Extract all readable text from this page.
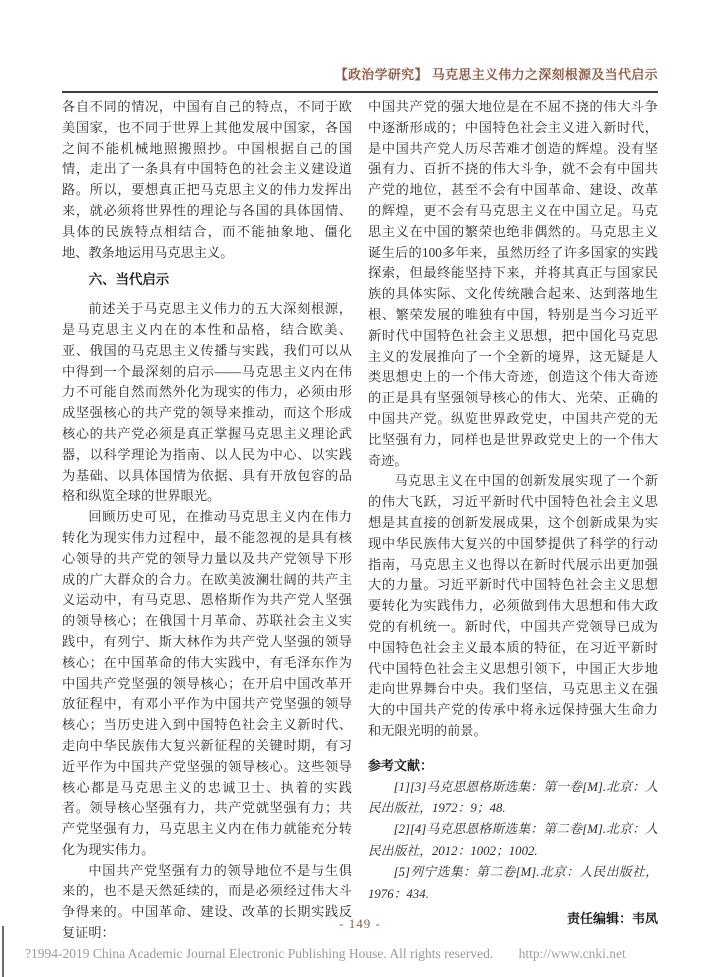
【政治学研究】 马克思主义伟力之深刻根源及当代启示

各自不同的情况，中国有自己的特点，不同于欧美国家，也不同于世界上其他发展中国家，各国之间不能机械地照搬照抄。中国根据自己的国情，走出了一条具有中国特色的社会主义建设道路。所以，要想真正把马克思主义的伟力发挥出来，就必须将世界性的理论与各国的具体国情、具体的民族特点相结合，而不能抽象地、僵化地、教条地运用马克思主义。

六、当代启示

前述关于马克思主义伟力的五大深刻根源，是马克思主义内在的本性和品格，结合欧美、亚、俄国的马克思主义传播与实践，我们可以从中得到一个最深刻的启示——马克思主义内在伟力不可能自然而然外化为现实的伟力，必须由形成坚强核心的共产党的领导来推动，而这个形成核心的共产党必须是真正掌握马克思主义理论武器，以科学理论为指南、以人民为中心、以实践为基础、以具体国情为依据、具有开放包容的品格和纵览全球的世界眼光。

回顾历史可见，在推动马克思主义内在伟力转化为现实伟力过程中，最不能忽视的是具有核心领导的共产党的领导力量以及共产党领导下形成的广大群众的合力。在欧美波澜壮阔的共产主义运动中，有马克思、恩格斯作为共产党人坚强的领导核心；在俄国十月革命、苏联社会主义实践中，有列宁、斯大林作为共产党人坚强的领导核心；在中国革命的伟大实践中，有毛泽东作为中国共产党坚强的领导核心；在开启中国改革开放征程中，有邓小平作为中国共产党坚强的领导核心；当历史进入到中国特色社会主义新时代、走向中华民族伟大复兴新征程的关键时期，有习近平作为中国共产党坚强的领导核心。这些领导核心都是马克思主义的忠诚卫士、执着的实践者。领导核心坚强有力，共产党就坚强有力；共产党坚强有力，马克思主义内在伟力就能充分转化为现实伟力。

中国共产党坚强有力的领导地位不是与生俱来的，也不是天然延续的，而是必须经过伟大斗争得来的。中国革命、建设、改革的长期实践反复证明：

中国共产党的强大地位是在不屈不挠的伟大斗争中逐渐形成的；中国特色社会主义进入新时代，是中国共产党人历尽苦难才创造的辉煌。没有坚强有力、百折不挠的伟大斗争，就不会有中国共产党的地位，甚至不会有中国革命、建设、改革的辉煌，更不会有马克思主义在中国立足。马克思主义在中国的繁荣也绝非偶然的。马克思主义诞生后的100多年来，虽然历经了许多国家的实践探索，但最终能坚持下来，并将其真正与国家民族的具体实际、文化传统融合起来、达到落地生根、繁荣发展的唯独有中国，特别是当今习近平新时代中国特色社会主义思想，把中国化马克思主义的发展推向了一个全新的境界，这无疑是人类思想史上的一个伟大奇迹，创造这个伟大奇迹的正是具有坚强领导核心的伟大、光荣、正确的中国共产党。纵览世界政党史，中国共产党的无比坚强有力，同样也是世界政党史上的一个伟大奇迹。

马克思主义在中国的创新发展实现了一个新的伟大飞跃，习近平新时代中国特色社会主义思想是其直接的创新发展成果，这个创新成果为实现中华民族伟大复兴的中国梦提供了科学的行动指南，马克思主义也得以在新时代展示出更加强大的力量。习近平新时代中国特色社会主义思想要转化为实践伟力，必须做到伟大思想和伟大政党的有机统一。新时代，中国共产党领导已成为中国特色社会主义最本质的特征，在习近平新时代中国特色社会主义思想引领下，中国正大步地走向世界舞台中央。我们坚信，马克思主义在强大的中国共产党的传承中将永远保持强大生命力和无限光明的前景。

参考文献：

[1][3]马克思恩格斯选集：第一卷[M].北京：人民出版社，1972：9；48.

[2][4]马克思恩格斯选集：第二卷[M].北京：人民出版社，2012：1002；1002.

[5]列宁选集：第二卷[M].北京：人民出版社，1976：434.

责任编辑：韦凤

- 149 -
?1994-2019 China Academic Journal Electronic Publishing House. All rights reserved. http://www.cnki.net
